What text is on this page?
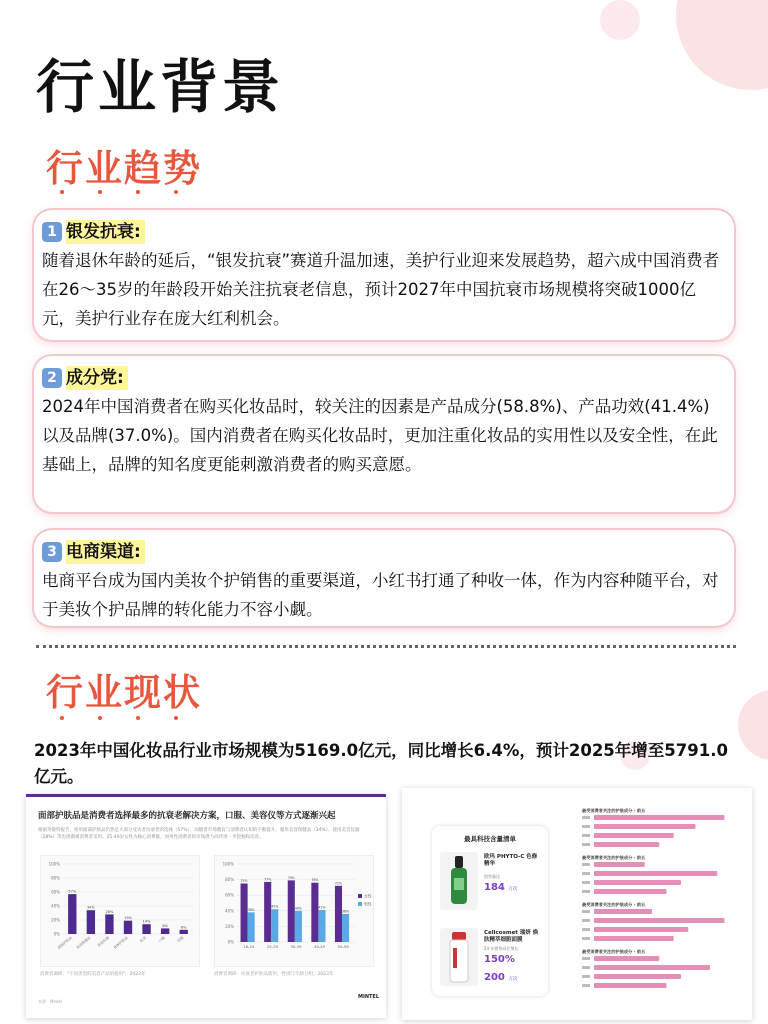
行业背景
行业趋势
1 银发抗衰:

随着退休年龄的延后，“银发抗衰”赛道升温加速，美护行业迎来发展趋势，超六成中国消费者在26～35岁的年龄段开始关注抗衰老信息，预计2027年中国抗衰市场规模将突破1000亿元，美护行业存在庞大红利机会。

2 成分党:

2024年中国消费者在购买化妆品时，较关注的因素是产品成分(58.8%)、产品功效(41.4%)以及品牌(37.0%)。国内消费者在购买化妆品时，更加注重化妆品的实用性以及安全性，在此基础上，品牌的知名度更能刺激消费者的购买意愿。

3 电商渠道:

电商平台成为国内美妆个护销售的重要渠道，小红书打通了种收一体，作为内容种随平台，对于美妆个护品牌的转化能力不容小觑。

行业现状

2023年中国化妆品行业市场规模为5169.0亿元，同比增长6.4%，预计2025年增至5791.0亿元。

面部护肤品是消费者选择最多的抗衰老解决方案，口服、美容仪等方式逐渐兴起
根据英敏特报告，使用面部护肤品仍然是大部分受访者抗衰老的选择（57%），而随着市场教育与消费者认知的不断提升，服用美容保健品（34%）、使用美容仪器（28%）等也逐渐被消费者采用。25-49岁女性为核心消费群，而男性消费者的市场潜力尚待进一步挖掘和培育。
0%
20%
40%
60%
80%
100%
57%
面部护肤品
34%
美容保健品
28%
美容仪器
19%
身体护肤品
14%
医美
8%
口服
6%
其他	0%
20%
40%
60%
80%
100%
75%
38%
18-24
77%
42%
25-29
79%
40%
30-39
76%
41%
40-49
72%
36%
50-59
女性
男性
消费者调研："不同类型的美容产品的使用"，2023年	消费者调研：抗衰老护肤品使用，性别与年龄分组，2023年
来源：Mintel
MINTEL
最具科技含量清单
欧玛 PHYTO-C 色修精华
销售量达
184 万次
Cellcosmet 瑞妍 焕肤精萃细胞面膜
24 年销售同比增长
150%
200 万次
最受消费者关注的护肤成分 - 前五
最受消费者关注的护肤成分 - 前五
最受消费者关注的护肤成分 - 前五
最受消费者关注的护肤成分 - 前五
